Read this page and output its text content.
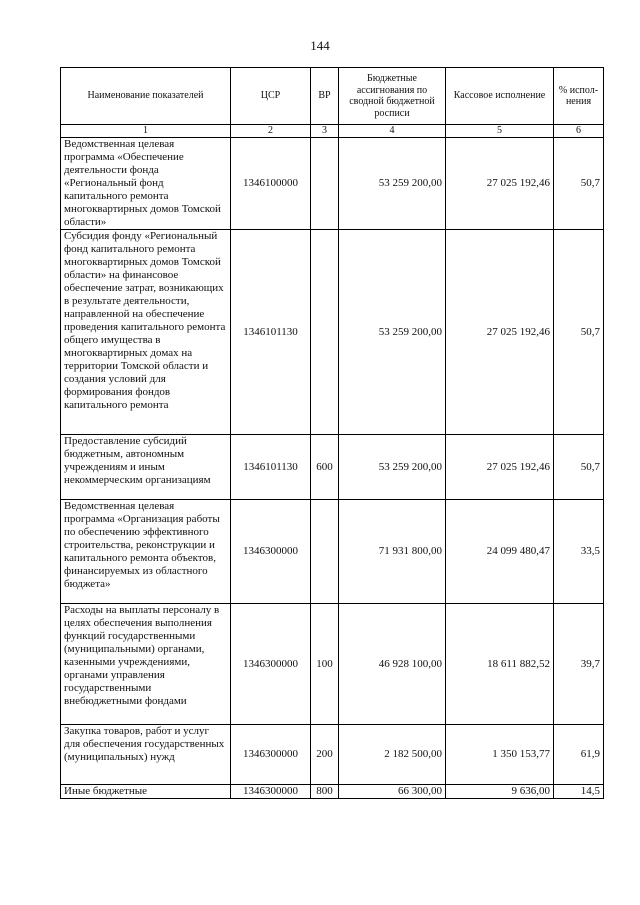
144
Наименование показателей	ЦСР	ВР	Бюджетные ассигнования по сводной бюджетной росписи	Кассовое исполнение	% испол-нения
1	2	3	4	5	6
Ведомственная целевая программа «Обеспечение деятельности фонда «Региональный фонд капитального ремонта многоквартирных домов Томской области»	1346100000		53 259 200,00	27 025 192,46	50,7
Субсидия фонду «Региональный фонд капитального ремонта многоквартирных домов Томской области» на финансовое обеспечение затрат, возникающих в результате деятельности, направленной на обеспечение проведения капитального ремонта общего имущества в многоквартирных домах на территории Томской области и создания условий для формирования фондов капитального ремонта	1346101130		53 259 200,00	27 025 192,46	50,7
Предоставление субсидий бюджетным, автономным учреждениям и иным некоммерческим организациям	1346101130	600	53 259 200,00	27 025 192,46	50,7
Ведомственная целевая программа «Организация работы по обеспечению эффективного строительства, реконструкции и капитального ремонта объектов, финансируемых из областного бюджета»	1346300000		71 931 800,00	24 099 480,47	33,5
Расходы на выплаты персоналу в целях обеспечения выполнения функций государственными (муниципальными) органами, казенными учреждениями, органами управления государственными внебюджетными фондами	1346300000	100	46 928 100,00	18 611 882,52	39,7
Закупка товаров, работ и услуг для обеспечения государственных (муниципальных) нужд	1346300000	200	2 182 500,00	1 350 153,77	61,9
Иные бюджетные	1346300000	800	66 300,00	9 636,00	14,5
